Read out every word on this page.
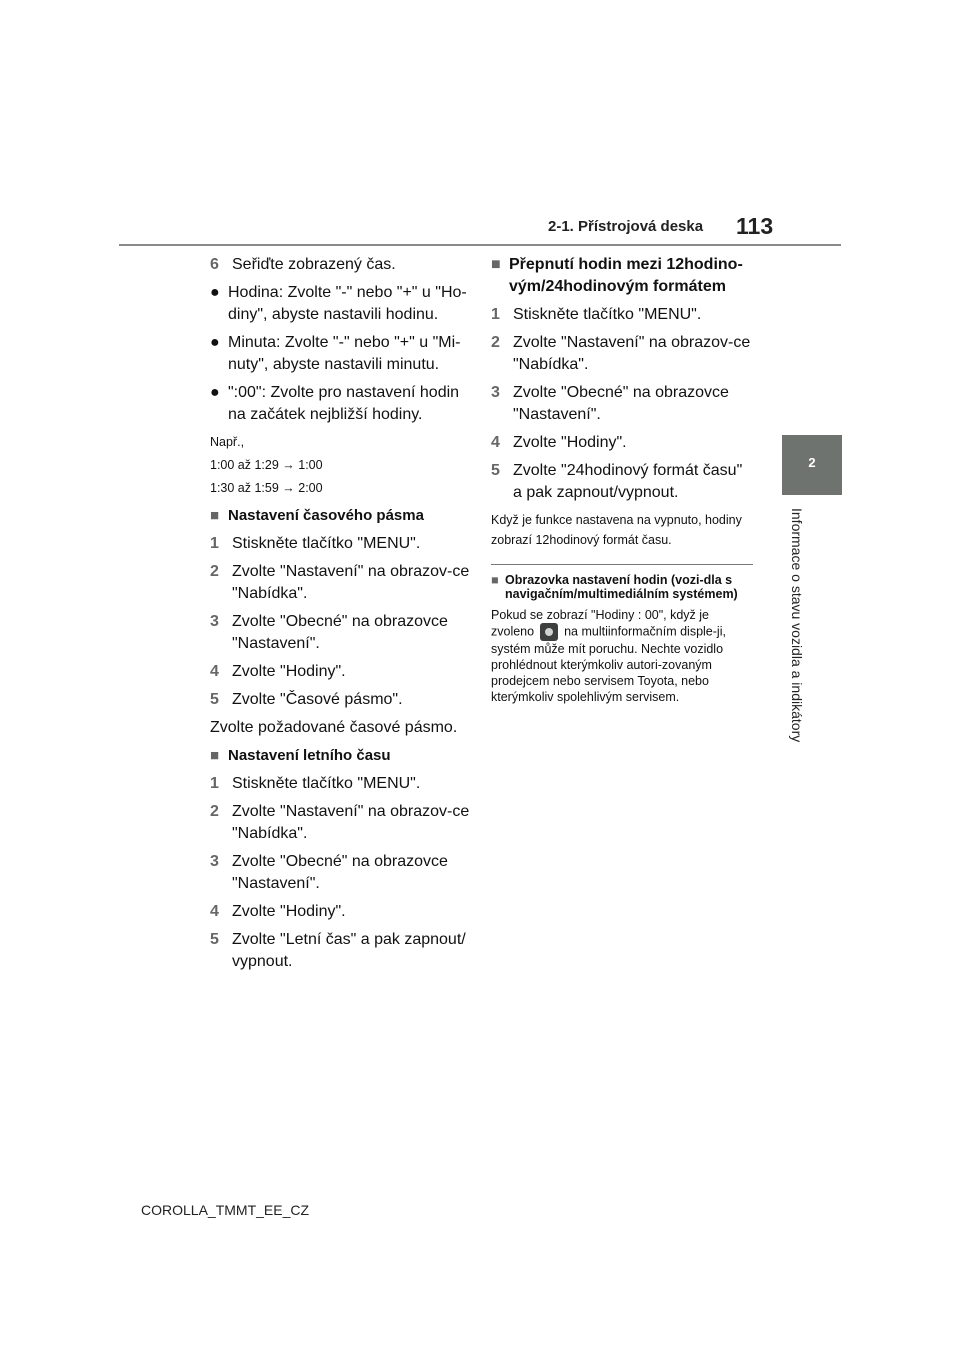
2-1. Přístrojová deska 113
2
Informace o stavu vozidla a indikátory
6 Seřiďte zobrazený čas.
● Hodina: Zvolte "-" nebo "+" u "Ho-diny", abyste nastavili hodinu.
● Minuta: Zvolte "-" nebo "+" u "Mi-nuty", abyste nastavili minutu.
● ":00": Zvolte pro nastavení hodin na začátek nejbližší hodiny.
Např.,
1:00 až 1:29 → 1:00
1:30 až 1:59 → 2:00
■ Nastavení časového pásma
1 Stiskněte tlačítko "MENU".
2 Zvolte "Nastavení" na obrazov-ce "Nabídka".
3 Zvolte "Obecné" na obrazovce "Nastavení".
4 Zvolte "Hodiny".
5 Zvolte "Časové pásmo".
Zvolte požadované časové pásmo.
■ Nastavení letního času
1 Stiskněte tlačítko "MENU".
2 Zvolte "Nastavení" na obrazov-ce "Nabídka".
3 Zvolte "Obecné" na obrazovce "Nastavení".
4 Zvolte "Hodiny".
5 Zvolte "Letní čas" a pak zapnout/ vypnout.
■ Přepnutí hodin mezi 12hodino-vým/24hodinovým formátem
1 Stiskněte tlačítko "MENU".
2 Zvolte "Nastavení" na obrazov-ce "Nabídka".
3 Zvolte "Obecné" na obrazovce "Nastavení".
4 Zvolte "Hodiny".
5 Zvolte "24hodinový formát času" a pak zapnout/vypnout.
Když je funkce nastavena na vypnuto, hodiny zobrazí 12hodinový formát času.
■ Obrazovka nastavení hodin (vozi-dla s navigačním/multimediálním systémem)
Pokud se zobrazí "Hodiny : 00", když je zvoleno na multiinformačním disple-ji, systém může mít poruchu. Nechte vozidlo prohlédnout kterýmkoliv autori-zovaným prodejcem nebo servisem Toyota, nebo kterýmkoliv spolehlivým servisem.
COROLLA_TMMT_EE_CZ
